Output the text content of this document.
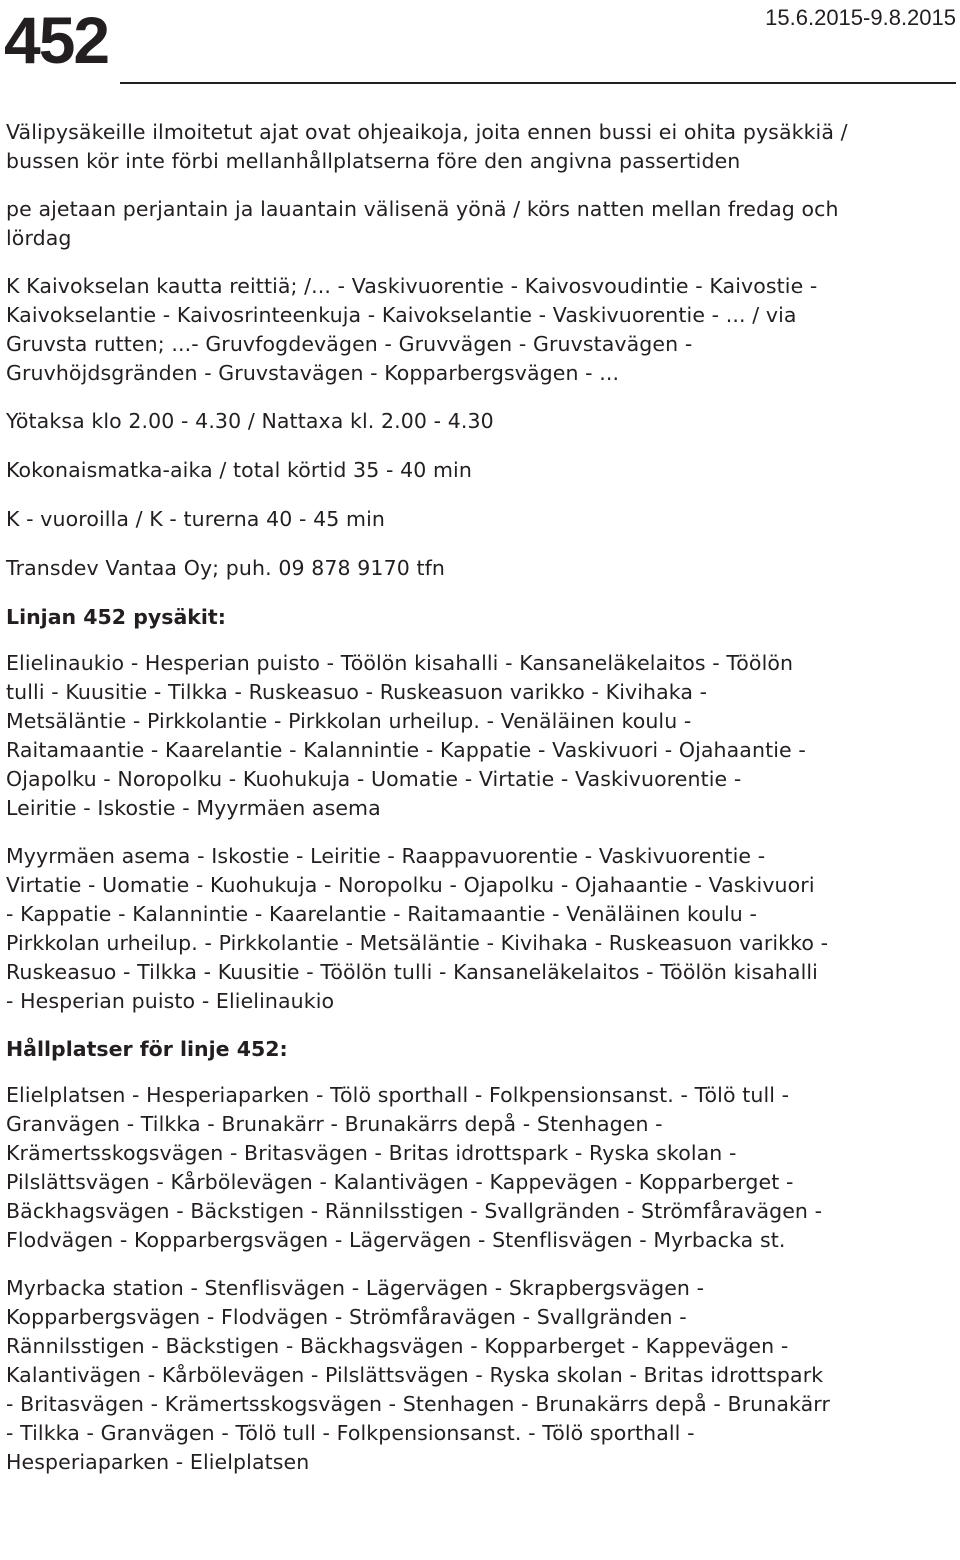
452	15.6.2015-9.8.2015

Välipysäkeille ilmoitetut ajat ovat ohjeaikoja, joita ennen bussi ei ohita pysäkkiä /
bussen kör inte förbi mellanhållplatserna före den angivna passertiden

pe ajetaan perjantain ja lauantain välisenä yönä / körs natten mellan fredag och
lördag

K Kaivokselan kautta reittiä; /... - Vaskivuorentie - Kaivosvoudintie - Kaivostie -
Kaivokselantie - Kaivosrinteenkuja - Kaivokselantie - Vaskivuorentie - ... / via
Gruvsta rutten; ...- Gruvfogdevägen - Gruvvägen - Gruvstavägen -
Gruvhöjdsgränden - Gruvstavägen - Kopparbergsvägen - ...

Yötaksa klo 2.00 - 4.30 / Nattaxa kl. 2.00 - 4.30

Kokonaismatka-aika / total körtid 35 - 40 min

K - vuoroilla / K - turerna 40 - 45 min

Transdev Vantaa Oy; puh. 09 878 9170 tfn

Linjan 452 pysäkit:

Elielinaukio - Hesperian puisto - Töölön kisahalli - Kansaneläkelaitos - Töölön
tulli - Kuusitie - Tilkka - Ruskeasuo - Ruskeasuon varikko - Kivihaka -
Metsäläntie - Pirkkolantie - Pirkkolan urheilup. - Venäläinen koulu -
Raitamaantie - Kaarelantie - Kalannintie - Kappatie - Vaskivuori - Ojahaantie -
Ojapolku - Noropolku - Kuohukuja - Uomatie - Virtatie - Vaskivuorentie -
Leiritie - Iskostie - Myyrmäen asema

Myyrmäen asema - Iskostie - Leiritie - Raappavuorentie - Vaskivuorentie -
Virtatie - Uomatie - Kuohukuja - Noropolku - Ojapolku - Ojahaantie - Vaskivuori
- Kappatie - Kalannintie - Kaarelantie - Raitamaantie - Venäläinen koulu -
Pirkkolan urheilup. - Pirkkolantie - Metsäläntie - Kivihaka - Ruskeasuon varikko -
Ruskeasuo - Tilkka - Kuusitie - Töölön tulli - Kansaneläkelaitos - Töölön kisahalli
- Hesperian puisto - Elielinaukio

Hållplatser för linje 452:

Elielplatsen - Hesperiaparken - Tölö sporthall - Folkpensionsanst. - Tölö tull -
Granvägen - Tilkka - Brunakärr - Brunakärrs depå - Stenhagen -
Krämertsskogsvägen - Britasvägen - Britas idrottspark - Ryska skolan -
Pilslättsvägen - Kårbölevägen - Kalantivägen - Kappevägen - Kopparberget -
Bäckhagsvägen - Bäckstigen - Rännilsstigen - Svallgränden - Strömfåravägen -
Flodvägen - Kopparbergsvägen - Lägervägen - Stenflisvägen - Myrbacka st.

Myrbacka station - Stenflisvägen - Lägervägen - Skrapbergsvägen -
Kopparbergsvägen - Flodvägen - Strömfåravägen - Svallgränden -
Rännilsstigen - Bäckstigen - Bäckhagsvägen - Kopparberget - Kappevägen -
Kalantivägen - Kårbölevägen - Pilslättsvägen - Ryska skolan - Britas idrottspark
- Britasvägen - Krämertsskogsvägen - Stenhagen - Brunakärrs depå - Brunakärr
- Tilkka - Granvägen - Tölö tull - Folkpensionsanst. - Tölö sporthall -
Hesperiaparken - Elielplatsen
